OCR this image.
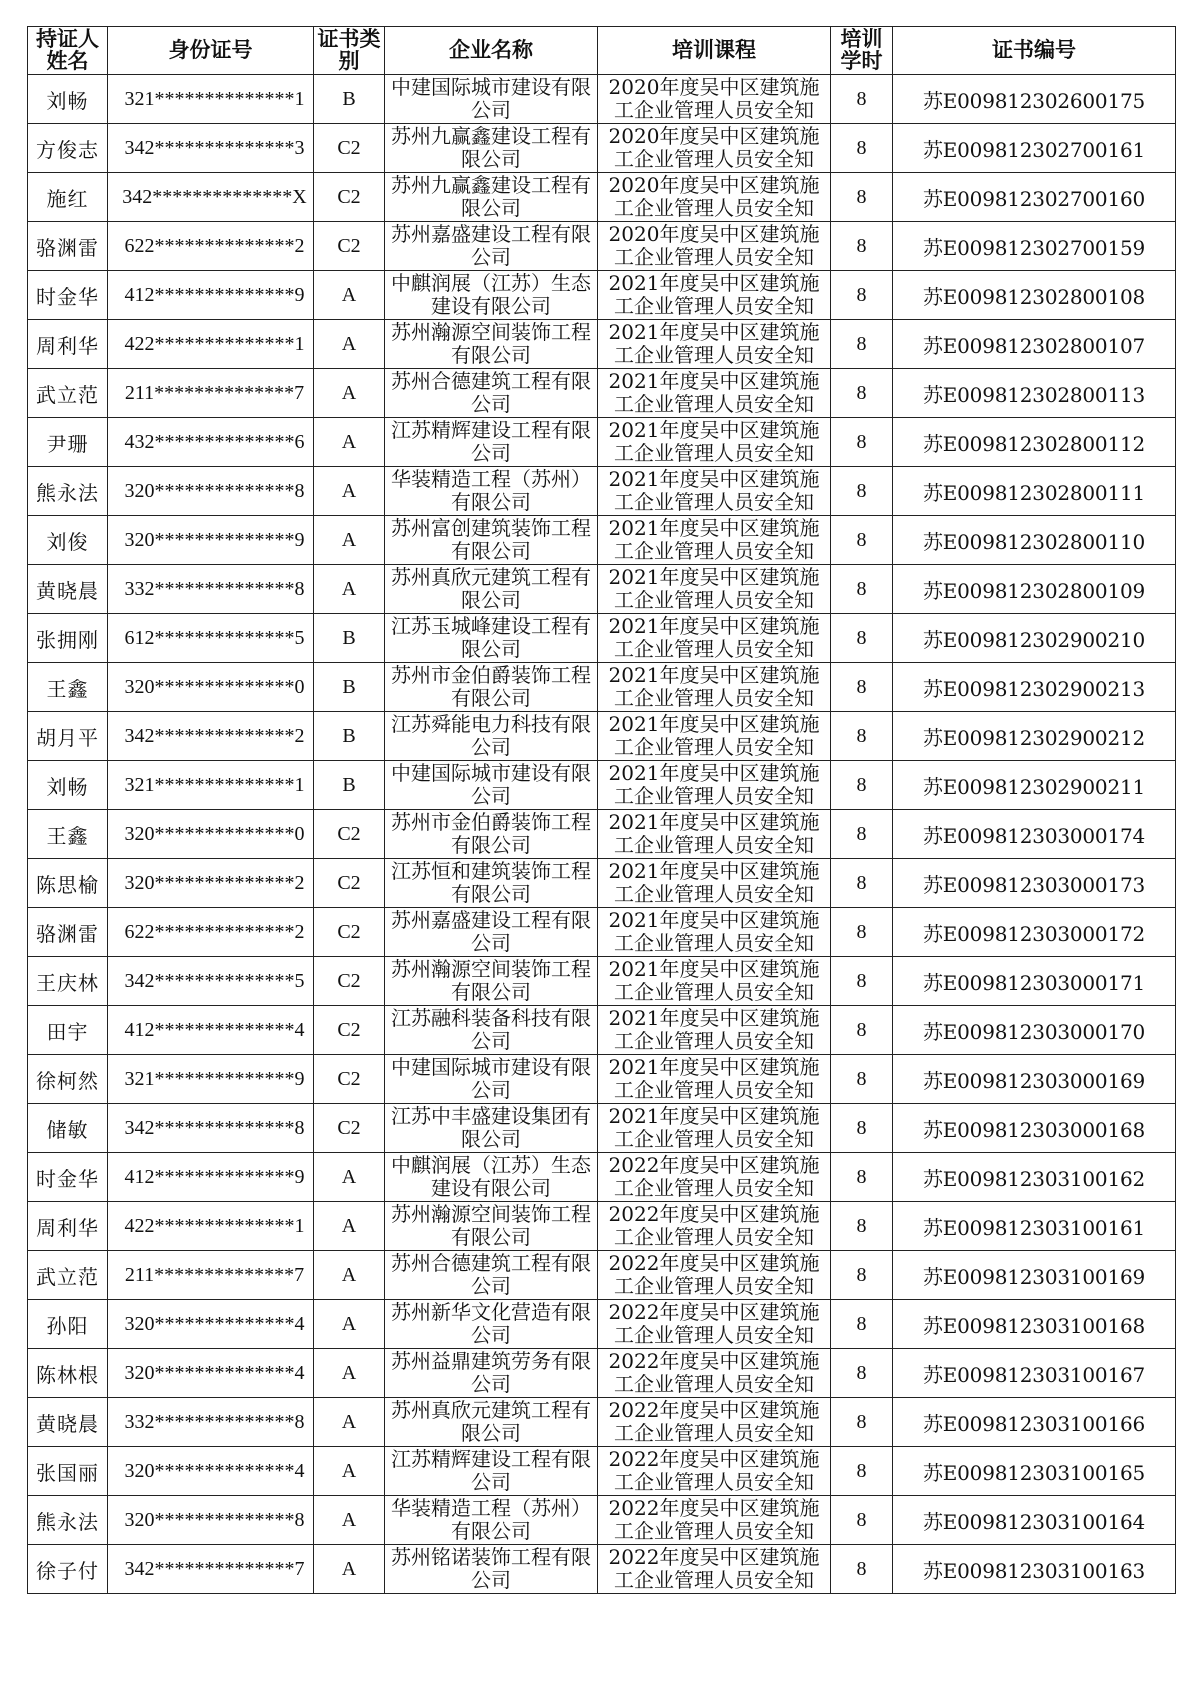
持证人姓名	身份证号	证书类别	企业名称	培训课程	培训学时	证书编号
刘畅	321**************1	B	中建国际城市建设有限公司	2020年度吴中区建筑施工企业管理人员安全知	8	苏E009812302600175
方俊志	342**************3	C2	苏州九赢鑫建设工程有限公司	2020年度吴中区建筑施工企业管理人员安全知	8	苏E009812302700161
施红	342**************X	C2	苏州九赢鑫建设工程有限公司	2020年度吴中区建筑施工企业管理人员安全知	8	苏E009812302700160
骆渊雷	622**************2	C2	苏州嘉盛建设工程有限公司	2020年度吴中区建筑施工企业管理人员安全知	8	苏E009812302700159
时金华	412**************9	A	中麒润展（江苏）生态建设有限公司	2021年度吴中区建筑施工企业管理人员安全知	8	苏E009812302800108
周利华	422**************1	A	苏州瀚源空间装饰工程有限公司	2021年度吴中区建筑施工企业管理人员安全知	8	苏E009812302800107
武立范	211**************7	A	苏州合德建筑工程有限公司	2021年度吴中区建筑施工企业管理人员安全知	8	苏E009812302800113
尹珊	432**************6	A	江苏精辉建设工程有限公司	2021年度吴中区建筑施工企业管理人员安全知	8	苏E009812302800112
熊永法	320**************8	A	华装精造工程（苏州）有限公司	2021年度吴中区建筑施工企业管理人员安全知	8	苏E009812302800111
刘俊	320**************9	A	苏州富创建筑装饰工程有限公司	2021年度吴中区建筑施工企业管理人员安全知	8	苏E009812302800110
黄晓晨	332**************8	A	苏州真欣元建筑工程有限公司	2021年度吴中区建筑施工企业管理人员安全知	8	苏E009812302800109
张拥刚	612**************5	B	江苏玉城峰建设工程有限公司	2021年度吴中区建筑施工企业管理人员安全知	8	苏E009812302900210
王鑫	320**************0	B	苏州市金伯爵装饰工程有限公司	2021年度吴中区建筑施工企业管理人员安全知	8	苏E009812302900213
胡月平	342**************2	B	江苏舜能电力科技有限公司	2021年度吴中区建筑施工企业管理人员安全知	8	苏E009812302900212
刘畅	321**************1	B	中建国际城市建设有限公司	2021年度吴中区建筑施工企业管理人员安全知	8	苏E009812302900211
王鑫	320**************0	C2	苏州市金伯爵装饰工程有限公司	2021年度吴中区建筑施工企业管理人员安全知	8	苏E009812303000174
陈思榆	320**************2	C2	江苏恒和建筑装饰工程有限公司	2021年度吴中区建筑施工企业管理人员安全知	8	苏E009812303000173
骆渊雷	622**************2	C2	苏州嘉盛建设工程有限公司	2021年度吴中区建筑施工企业管理人员安全知	8	苏E009812303000172
王庆林	342**************5	C2	苏州瀚源空间装饰工程有限公司	2021年度吴中区建筑施工企业管理人员安全知	8	苏E009812303000171
田宇	412**************4	C2	江苏融科装备科技有限公司	2021年度吴中区建筑施工企业管理人员安全知	8	苏E009812303000170
徐柯然	321**************9	C2	中建国际城市建设有限公司	2021年度吴中区建筑施工企业管理人员安全知	8	苏E009812303000169
储敏	342**************8	C2	江苏中丰盛建设集团有限公司	2021年度吴中区建筑施工企业管理人员安全知	8	苏E009812303000168
时金华	412**************9	A	中麒润展（江苏）生态建设有限公司	2022年度吴中区建筑施工企业管理人员安全知	8	苏E009812303100162
周利华	422**************1	A	苏州瀚源空间装饰工程有限公司	2022年度吴中区建筑施工企业管理人员安全知	8	苏E009812303100161
武立范	211**************7	A	苏州合德建筑工程有限公司	2022年度吴中区建筑施工企业管理人员安全知	8	苏E009812303100169
孙阳	320**************4	A	苏州新华文化营造有限公司	2022年度吴中区建筑施工企业管理人员安全知	8	苏E009812303100168
陈林根	320**************4	A	苏州益鼎建筑劳务有限公司	2022年度吴中区建筑施工企业管理人员安全知	8	苏E009812303100167
黄晓晨	332**************8	A	苏州真欣元建筑工程有限公司	2022年度吴中区建筑施工企业管理人员安全知	8	苏E009812303100166
张国丽	320**************4	A	江苏精辉建设工程有限公司	2022年度吴中区建筑施工企业管理人员安全知	8	苏E009812303100165
熊永法	320**************8	A	华装精造工程（苏州）有限公司	2022年度吴中区建筑施工企业管理人员安全知	8	苏E009812303100164
徐子付	342**************7	A	苏州铭诺装饰工程有限公司	2022年度吴中区建筑施工企业管理人员安全知	8	苏E009812303100163
